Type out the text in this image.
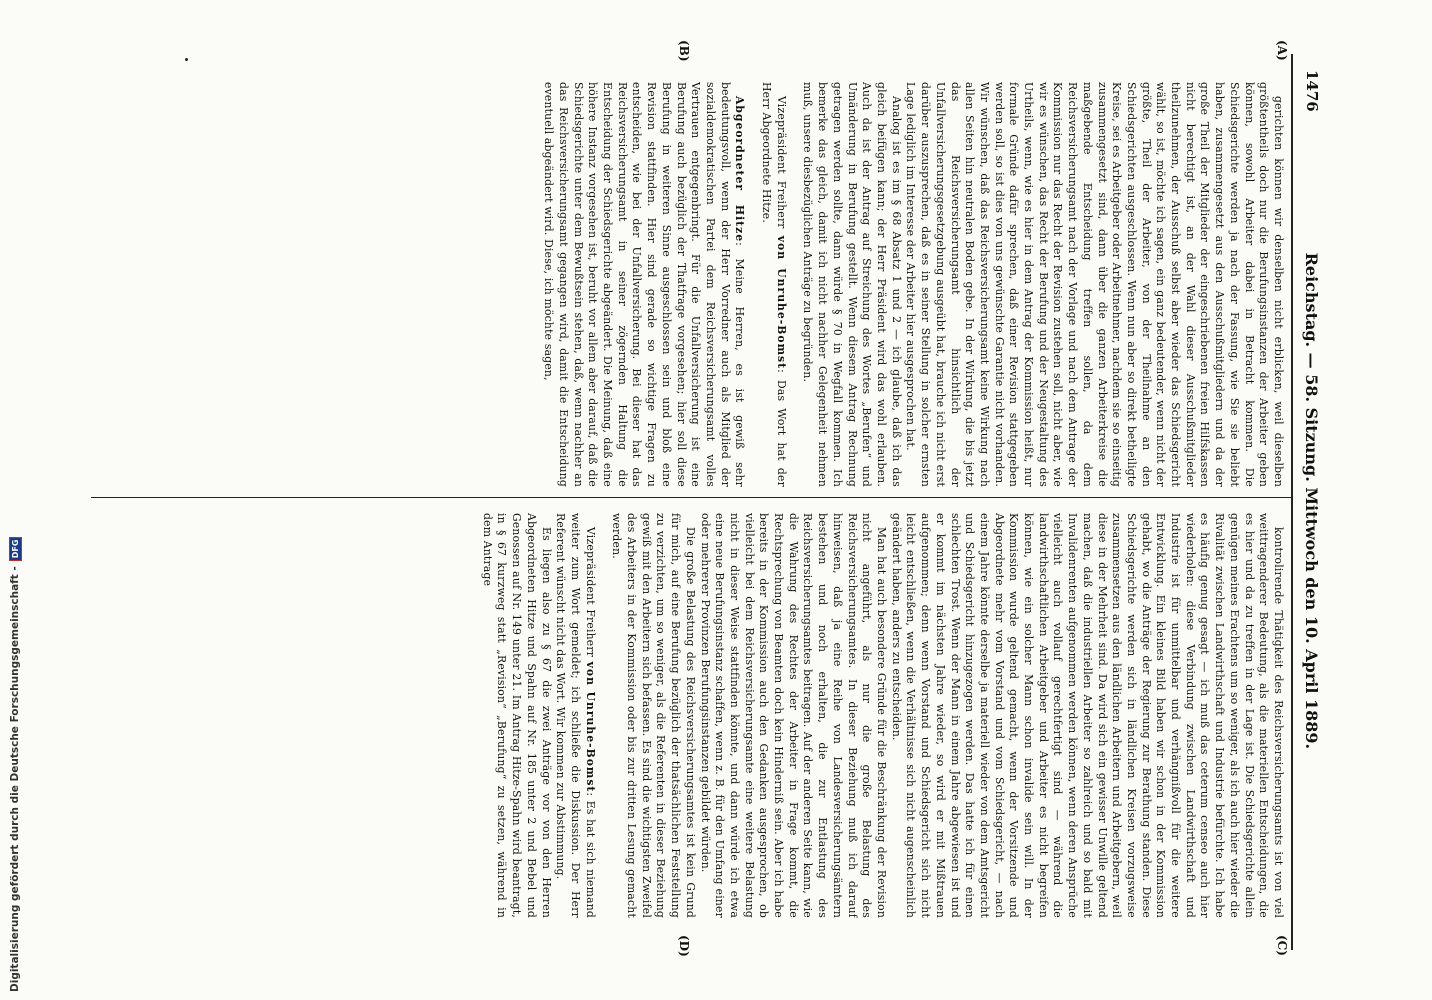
1476
Reichstag. — 58. Sitzung. Mittwoch den 10. April 1889.
(A)
(B)
(C)
(D)

gerichten können wir denselben nicht erblicken, weil dieselben größtentheils doch nur die Berufungsinstanzen der Arbeiter geben können, sowohl Arbeiter dabei in Betracht kommen. Die Schiedsgerichte werden ja nach der Fassung, wie Sie sie beliebt haben, zusammengesetzt aus den Ausschußmitgliedern und da der große Theil der Mitglieder der eingeschriebenen freien Hilfskassen nicht berechtigt ist, an der Wahl dieser Ausschußmitglieder theilzunehmen, der Ausschuß selbst aber wieder das Schiedsgericht wählt, so ist, möchte ich sagen, ein ganz bedeutender, wenn nicht der größte, Theil der Arbeiter, von der Theilnahme an den Schiedsgerichten ausgeschlossen. Wenn nun aber so direkt betheiligte Kreise, sei es Arbeitgeber oder Arbeitnehmer, nachdem sie so einseitig zusammengesetzt sind, dann über die ganzen Arbeiterkreise die maßgebende Entscheidung treffen sollen, da dem Reichsversicherungsamt nach der Vorlage und nach dem Antrage der Kommission nur das Recht der Revision zustehen soll, nicht aber, wie wir es wünschen, das Recht der Berufung und der Neugestaltung des Urtheils, wenn, wie es hier in dem Antrag der Kommission heißt, nur formale Gründe dafür sprechen, daß einer Revision stattgegeben werden soll, so ist dies von uns gewünschte Garantie nicht vorhanden. Wir wünschen, daß das Reichsversicherungsamt keine Wirkung nach allen Seiten hin neutralen Boden gebe. In der Wirkung, die bis jetzt das Reichsversicherungsamt hinsichtlich der Unfallversicherungsgesetzgebung ausgeübt hat, brauche ich nicht erst darüber auszusprechen, daß es in seiner Stellung in solcher ernsten Lage lediglich im Interesse der Arbeiter hier ausgesprochen hat.

Analog ist es im § 68 Absatz 1 und 2 — ich glaube, daß ich das gleich beifügen kann; der Herr Präsident wird das wohl erlauben. Auch da ist der Antrag auf Streichung des Wortes „Berufen“ und Umänderung in Berufung gestellt. Wenn diesem Antrag Rechnung getragen werden sollte, dann würde § 70 in Wegfall kommen. Ich bemerke das gleich, damit ich nicht nachher Gelegenheit nehmen muß, unsere diesbezüglichen Anträge zu begründen.

Vizepräsident Freiherr von Unruhe-Bomst: Das Wort hat der Herr Abgeordnete Hitze.

Abgeordneter Hitze: Meine Herren, es ist gewiß sehr bedeutungsvoll, wenn der Herr Vorredner auch als Mitglied der sozialdemokratischen Partei dem Reichsversicherungsamt volles Vertrauen entgegenbringt. Für die Unfallversicherung ist eine Berufung auch bezüglich der Thatfrage vorgesehen; hier soll diese Berufung in weiteren Sinne ausgeschlossen sein und bloß eine Revision stattfinden. Hier sind gerade so wichtige Fragen zu entscheiden, wie bei der Unfallversicherung. Bei dieser hat das Reichsversicherungsamt in seiner zögernden Haltung die Entscheidung der Schiedsgerichte abgeändert. Die Meinung, daß eine höhere Instanz vorgesehen ist, beruht vor allem aber darauf, daß die Schiedsgerichte unter dem Bewußtsein stehen, daß, wenn nachher an das Reichsversicherungsamt gegangen wird, damit die Entscheidung eventuell abgeändert wird. Diese, ich möchte sagen,

kontrolirende Thätigkeit des Reichsversicherungsamts ist von viel weittragenderer Bedeutung, als die materiellen Entscheidungen, die es hier und da zu treffen in der Lage ist. Die Schiedsgerichte allein genügen meines Erachtens um so weniger, als ich auch hier wieder die Rivalität zwischen Landwirthschaft und Industrie befürchte. Ich habe es häufig genug gesagt — ich muß das ceterum censeo auch hier wiederholen: diese Verbindung zwischen Landwirthschaft und Industrie ist für unmittelbar und verhängnißvoll für die weitere Entwicklung. Ein kleines Bild haben wir schon in der Kommission gehabt, wo die Anträge der Regierung zur Berathung standen. Diese Schiedsgerichte werden sich in ländlichen Kreisen vorzugsweise zusammensetzen aus den ländlichen Arbeitern und Arbeitgebern, weil diese in der Mehrheit sind. Da wird sich ein gewisser Unwille geltend machen, daß die industriellen Arbeiter so zahlreich und so bald mit Invalidenrenten aufgenommen werden können, wenn deren Ansprüche vielleicht auch vollauf gerechtfertigt sind — während die landwirthschaftlichen Arbeitgeber und Arbeiter es nicht begreifen können, wie ein solcher Mann schon invalide sein will. In der Kommission wurde geltend gemacht, wenn der Vorsitzende und Abgeordnete mehr vom Vorstand und vom Schiedsgericht, — nach einem Jahre könnte derselbe ja materiell wieder von dem Amtsgericht und Schiedsgericht hinzugezogen werden. Das hatte ich für einen schlechten Trost. Wenn der Mann in einem Jahre abgewiesen ist und er kommt im nächsten Jahre wieder, so wird er mit Mißtrauen aufgenommen; denn wenn Vorstand und Schiedsgericht sich nicht leicht entschließen, wenn die Verhältnisse sich nicht augenscheinlich geändert haben, anders zu entscheiden.

Man hat auch besondere Gründe für die Beschränkung der Revision nicht angeführt, als nur die große Belastung des Reichsversicherungsamtes. In dieser Beziehung muß ich darauf hinweisen, daß ja eine Reihe von Landesversicherungsämtern bestehen und noch erhalten, die zur Entlastung des Reichsversicherungsamtes beitragen. Auf der anderen Seite kann, wie die Wahrung des Rechtes der Arbeiter in Frage kommt, die Rechtsprechung von Beamten doch kein Hinderniß sein. Aber ich habe bereits in der Kommission auch den Gedanken ausgesprochen, ob vielleicht bei dem Reichsversicherungsamte eine weitere Belastung nicht in dieser Weise stattfinden könnte, und dann würde ich etwa eine neue Berufungsinstanz schaffen, wenn z. B. für den Umfang einer oder mehrerer Provinzen Berufungsinstanzen gebildet würden.

Die große Belastung des Reichsversicherungsamtes ist kein Grund für mich, auf eine Berufung bezüglich der thatsächlichen Feststellung zu verzichten, um so weniger, als die Referenten in dieser Beziehung gewiß mit den Arbeitern sich befassen. Es sind die wichtigsten Zweifel des Arbeiters in der Kommission oder bis zur dritten Lesung gemacht werden.

Vizepräsident Freiherr von Unruhe-Bomst: Es hat sich niemand weiter zum Wort gemeldet; ich schließe die Diskussion. Der Herr Referent wünscht nicht das Wort. Wir kommen zur Abstimmung.

Es liegen also zu § 67 die zwei Anträge vor von den Herren Abgeordneten Hitze und Spahn auf Nr. 185 unter 2 und Bebel und Genossen auf Nr. 149 unter 21. Im Antrag Hitze-Spahn wird beantragt, in § 67 kurzweg statt „Revision“ „Berufung“ zu setzen, während in dem Antrage

Digitalisierung gefördert durch die Deutsche Forschungsgemeinschaft -
DFG
